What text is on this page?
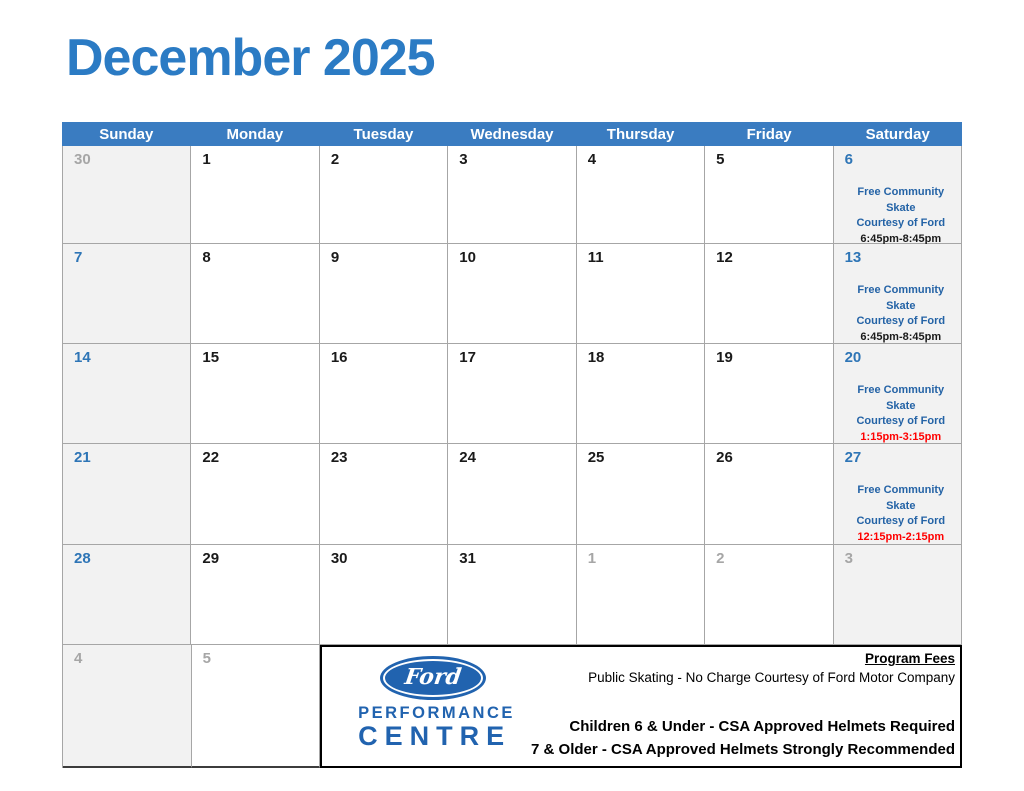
December 2025
Sunday	Monday	Tuesday	Wednesday	Thursday	Friday	Saturday
30	1	2	3	4	5	6
Free Community Skate
Courtesy of Ford
6:45pm-8:45pm
7	8	9	10	11	12	13
Free Community Skate
Courtesy of Ford
6:45pm-8:45pm
14	15	16	17	18	19	20
Free Community Skate
Courtesy of Ford
1:15pm-3:15pm
21	22	23	24	25	26	27
Free Community Skate
Courtesy of Ford
12:15pm-2:15pm
28	29	30	31	1	2	3
4	5
Ford
PERFORMANCE
CENTRE
Program Fees
Public Skating - No Charge Courtesy of Ford Motor Company
Children 6 & Under - CSA Approved Helmets Required
7 & Older - CSA Approved Helmets Strongly Recommended
